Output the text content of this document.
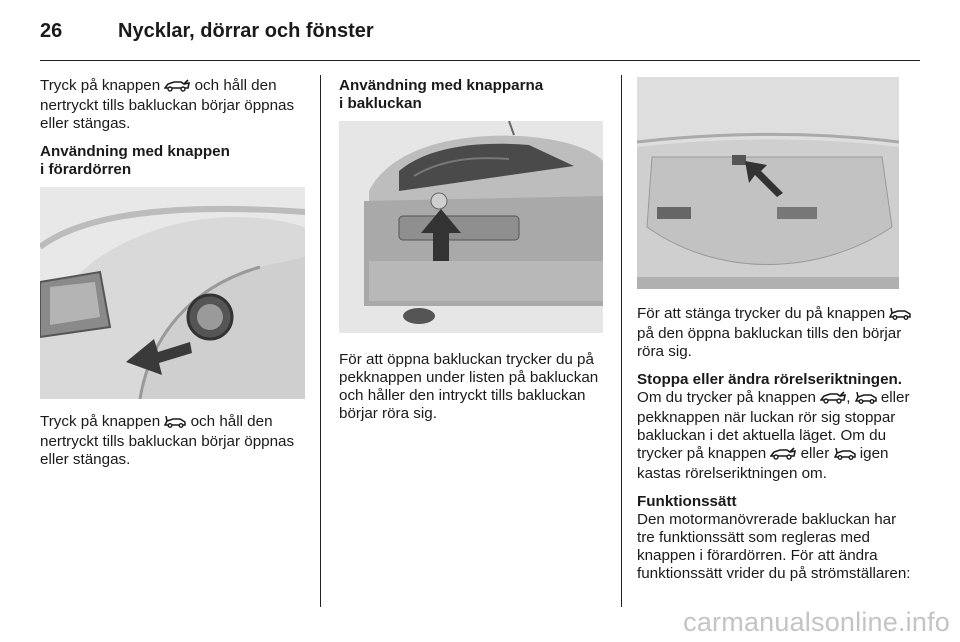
26	Nycklar, dörrar och fönster

Tryck på knappen  och håll den nertryckt tills bakluckan börjar öppnas eller stängas.

Användning med knappen
i förardörren

Tryck på knappen  och håll den nertryckt tills bakluckan börjar öppnas eller stängas.

Användning med knapparna
i bakluckan

För att öppna bakluckan trycker du på pekknappen under listen på bakluckan och håller den intryckt tills bakluckan börjar röra sig.

För att stänga trycker du på knappen  på den öppna bakluckan tills den börjar röra sig.

Stoppa eller ändra rörelseriktningen.

Om du trycker på knappen ,  eller pekknappen när luckan rör sig stoppar bakluckan i det aktuella läget. Om du trycker på knappen  eller  igen kastas rörelseriktningen om.

Funktionssätt

Den motormanövrerade bakluckan har tre funktionssätt som regleras med knappen i förardörren. För att ändra funktionssätt vrider du på strömställaren:

carmanualsonline.info
